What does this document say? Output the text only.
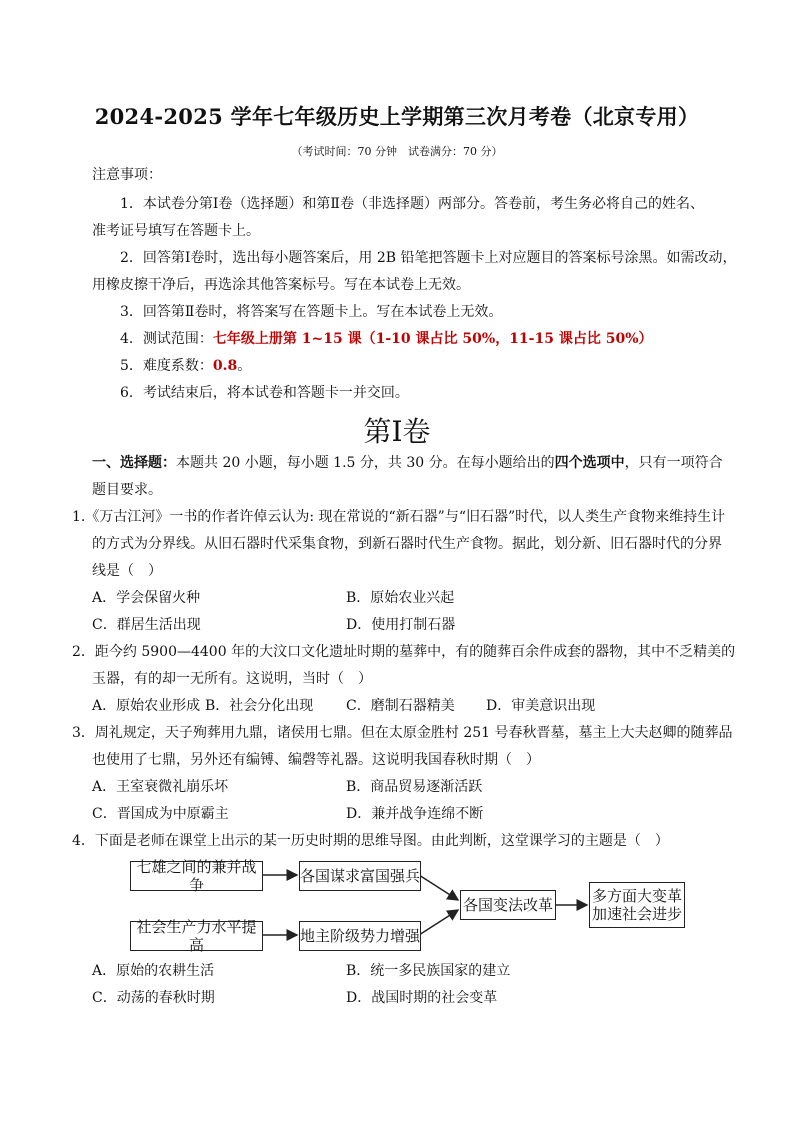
2024-2025 学年七年级历史上学期第三次月考卷（北京专用）
（考试时间：70 分钟　试卷满分：70 分）
注意事项：
1．本试卷分第Ⅰ卷（选择题）和第Ⅱ卷（非选择题）两部分。答卷前，考生务必将自己的姓名、
准考证号填写在答题卡上。
2．回答第Ⅰ卷时，选出每小题答案后，用 2B 铅笔把答题卡上对应题目的答案标号涂黑。如需改动，
用橡皮擦干净后，再选涂其他答案标号。写在本试卷上无效。
3．回答第Ⅱ卷时，将答案写在答题卡上。写在本试卷上无效。
4．测试范围：七年级上册第 1~15 课（1-10 课占比 50%，11-15 课占比 50%）
5．难度系数：0.8。
6．考试结束后，将本试卷和答题卡一并交回。
第Ⅰ卷
一、选择题：本题共 20 小题，每小题 1.5 分，共 30 分。在每小题给出的四个选项中，只有一项符合
题目要求。
1.《万古江河》一书的作者许倬云认为: 现在常说的“新石器”与“旧石器”时代，以人类生产食物来维持生计
的方式为分界线。从旧石器时代采集食物，到新石器时代生产食物。据此，划分新、旧石器时代的分界
线是（　）
A．学会保留火种	B．原始农业兴起
C．群居生活出现	D．使用打制石器
2．距今约 5900—4400 年的大汶口文化遗址时期的墓葬中，有的随葬百余件成套的器物，其中不乏精美的
玉器，有的却一无所有。这说明，当时（　）
A．原始农业形成 B．社会分化出现 C．磨制石器精美 D．审美意识出现
3．周礼规定，天子殉葬用九鼎，诸侯用七鼎。但在太原金胜村 251 号春秋晋墓，墓主上大夫赵卿的随葬品
也使用了七鼎，另外还有编镈、编磬等礼器。这说明我国春秋时期（　）
A．王室衰微礼崩乐坏	B．商品贸易逐渐活跃
C．晋国成为中原霸主	D．兼并战争连绵不断
4．下面是老师在课堂上出示的某一历史时期的思维导图。由此判断，这堂课学习的主题是（　）
七雄之间的兼并战争	各国谋求富国强兵
社会生产力水平提高	地主阶级势力增强
各国变法改革	多方面大变革
加速社会进步
A．原始的农耕生活	B．统一多民族国家的建立
C．动荡的春秋时期	D．战国时期的社会变革
